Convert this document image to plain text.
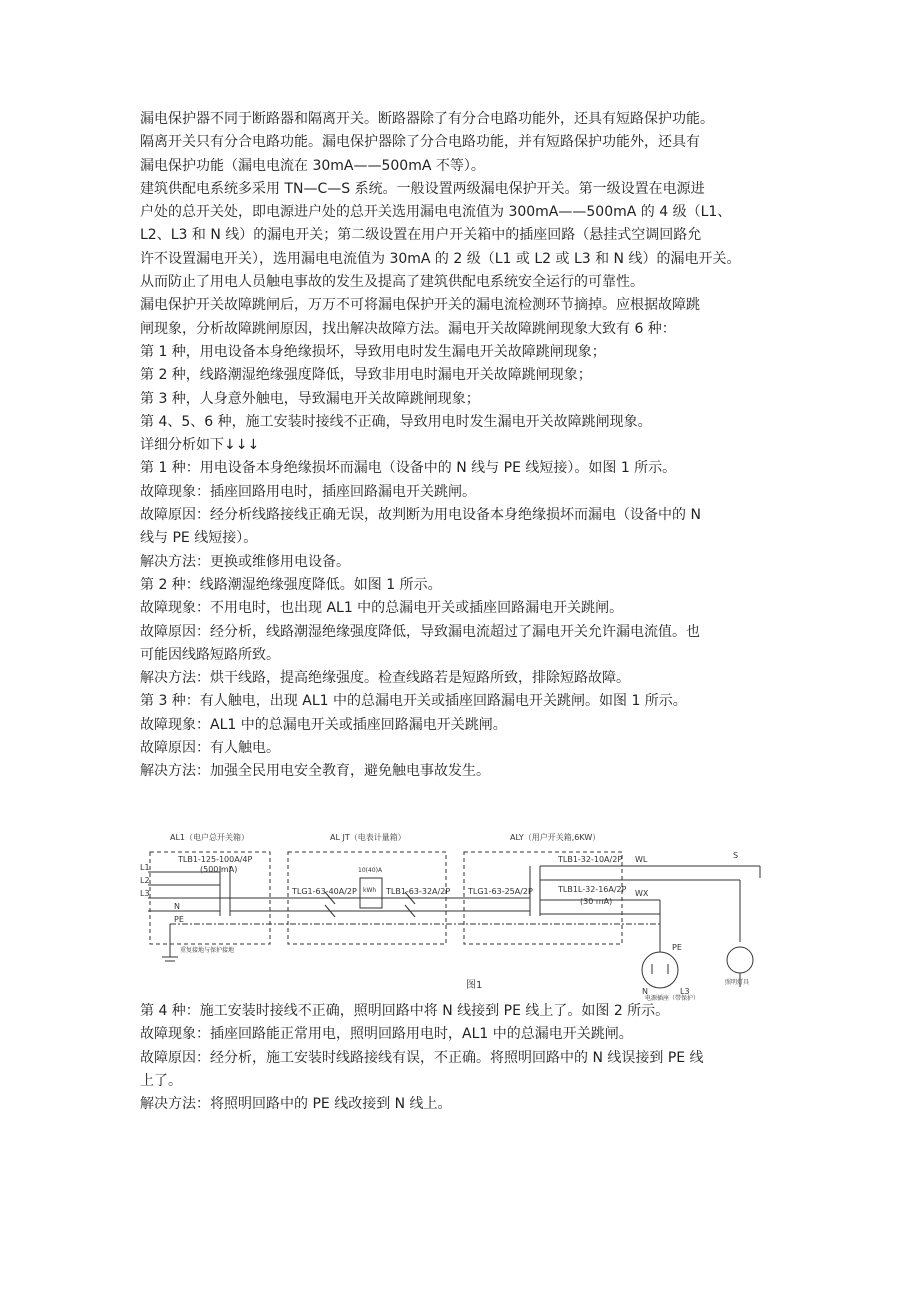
漏电保护器不同于断路器和隔离开关。断路器除了有分合电路功能外，还具有短路保护功能。
隔离开关只有分合电路功能。漏电保护器除了分合电路功能，并有短路保护功能外，还具有
漏电保护功能（漏电电流在 30mA——500mA 不等）。
建筑供配电系统多采用 TN—C—S 系统。一般设置两级漏电保护开关。第一级设置在电源进
户处的总开关处，即电源进户处的总开关选用漏电电流值为 300mA——500mA 的 4 级（L1、
L2、L3 和 N 线）的漏电开关；第二级设置在用户开关箱中的插座回路（悬挂式空调回路允
许不设置漏电开关），选用漏电电流值为 30mA 的 2 级（L1 或 L2 或 L3 和 N 线）的漏电开关。
从而防止了用电人员触电事故的发生及提高了建筑供配电系统安全运行的可靠性。
漏电保护开关故障跳闸后，万万不可将漏电保护开关的漏电流检测环节摘掉。应根据故障跳
闸现象，分析故障跳闸原因，找出解决故障方法。漏电开关故障跳闸现象大致有 6 种：
第 1 种，用电设备本身绝缘损坏，导致用电时发生漏电开关故障跳闸现象；
第 2 种，线路潮湿绝缘强度降低，导致非用电时漏电开关故障跳闸现象；
第 3 种，人身意外触电，导致漏电开关故障跳闸现象；
第 4、5、6 种，施工安装时接线不正确，导致用电时发生漏电开关故障跳闸现象。
详细分析如下↓↓↓
第 1 种：用电设备本身绝缘损坏而漏电（设备中的 N 线与 PE 线短接）。如图 1 所示。
故障现象：插座回路用电时，插座回路漏电开关跳闸。
故障原因：经分析线路接线正确无误，故判断为用电设备本身绝缘损坏而漏电（设备中的 N
线与 PE 线短接）。
解决方法：更换或维修用电设备。
第 2 种：线路潮湿绝缘强度降低。如图 1 所示。
故障现象：不用电时，也出现 AL1 中的总漏电开关或插座回路漏电开关跳闸。
故障原因：经分析，线路潮湿绝缘强度降低，导致漏电流超过了漏电开关允许漏电流值。也
可能因线路短路所致。
解决方法：烘干线路，提高绝缘强度。检查线路若是短路所致，排除短路故障。
第 3 种：有人触电，出现 AL1 中的总漏电开关或插座回路漏电开关跳闸。如图 1 所示。
故障现象：AL1 中的总漏电开关或插座回路漏电开关跳闸。
故障原因：有人触电。
解决方法：加强全民用电安全教育，避免触电事故发生。
AL1（电户总开关箱）	AL JT（电表计量箱）	ALY（用户开关箱,6KW）
TLB1-125-100A/4P
(500 mA)
TLG1-63-40A/2P	TLB1-63-32A/2P
10(40)A
kWh	TLG1-63-25A/2P
TLB1-32-10A/2P
TLB1L-32-16A/2P
(30 mA)
L1
L2
L3
N
PE
WL
WX
S
PE
N	L3
重复接地与保护接地
照明灯具
电源插座（带保护）
图1
第 4 种：施工安装时接线不正确，照明回路中将 N 线接到 PE 线上了。如图 2 所示。
故障现象：插座回路能正常用电，照明回路用电时，AL1 中的总漏电开关跳闸。
故障原因：经分析，施工安装时线路接线有误，不正确。将照明回路中的 N 线误接到 PE 线
上了。
解决方法：将照明回路中的 PE 线改接到 N 线上。
